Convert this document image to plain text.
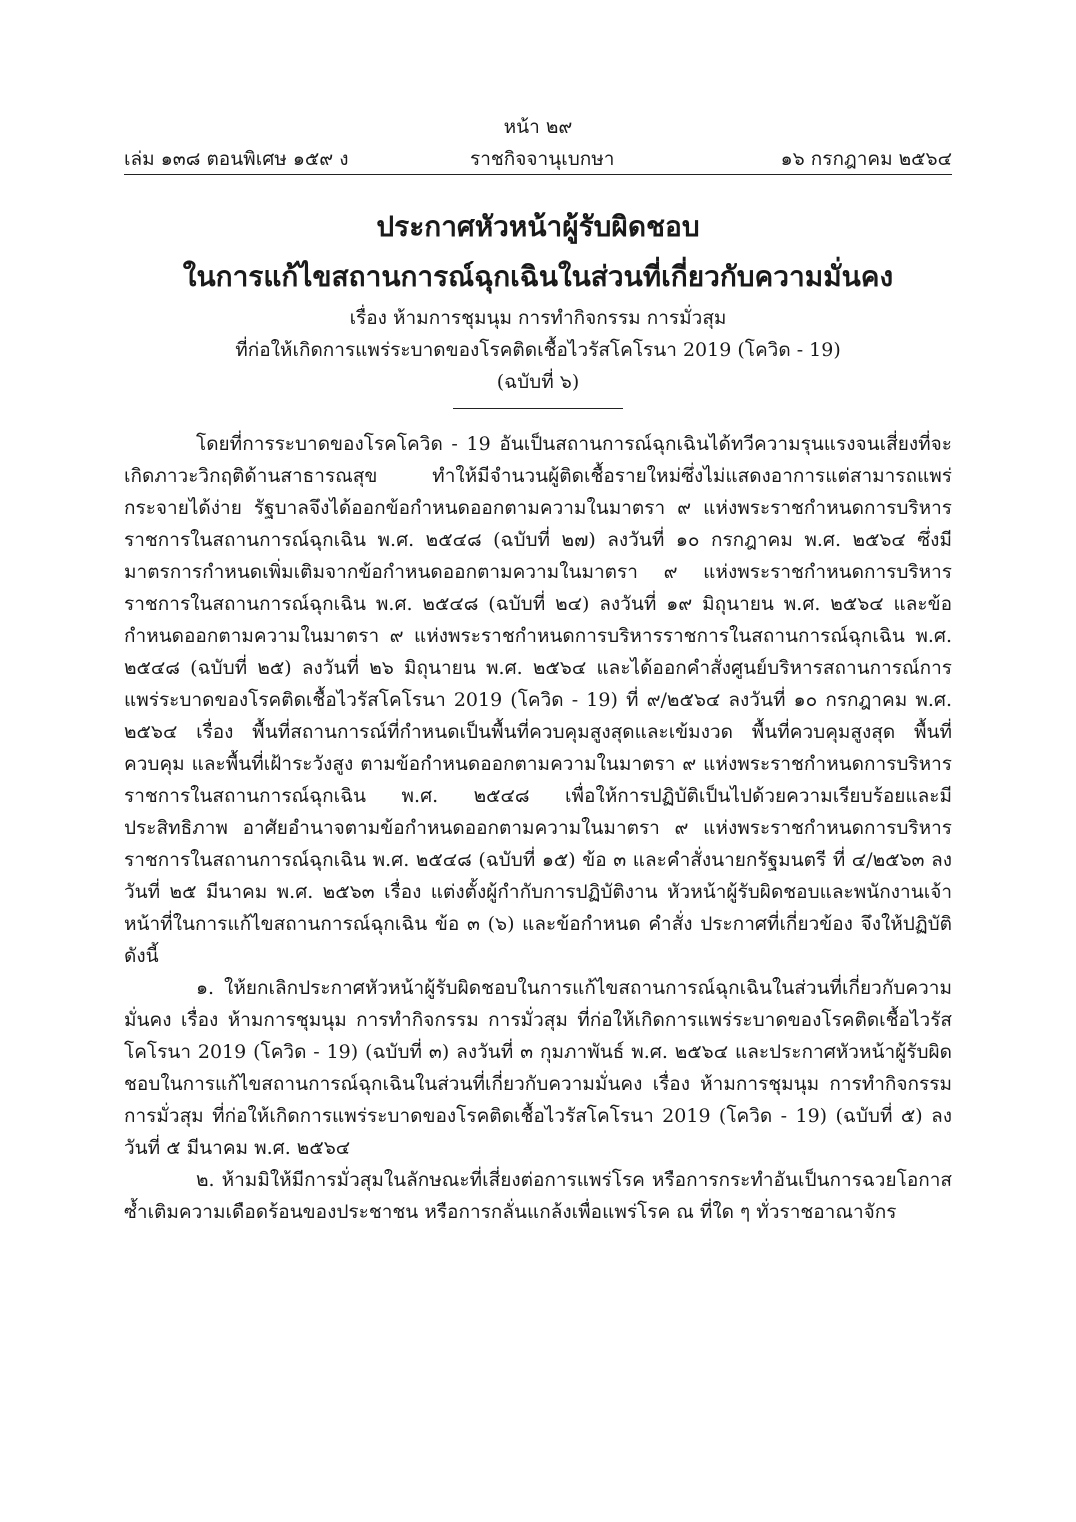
หน้า ๒๙
เล่ม ๑๓๘ ตอนพิเศษ ๑๕๙ ง	ราชกิจจานุเบกษา	๑๖ กรกฎาคม ๒๕๖๔
ประกาศหัวหน้าผู้รับผิดชอบ
ในการแก้ไขสถานการณ์ฉุกเฉินในส่วนที่เกี่ยวกับความมั่นคง
เรื่อง ห้ามการชุมนุม การทำกิจกรรม การมั่วสุม
ที่ก่อให้เกิดการแพร่ระบาดของโรคติดเชื้อไวรัสโคโรนา 2019 (โควิด - 19)
(ฉบับที่ ๖)

โดยที่การระบาดของโรคโควิด - 19 อันเป็นสถานการณ์ฉุกเฉินได้ทวีความรุนแรงจนเสี่ยงที่จะเกิดภาวะวิกฤติด้านสาธารณสุข ทำให้มีจำนวนผู้ติดเชื้อรายใหม่ซึ่งไม่แสดงอาการแต่สามารถแพร่กระจายได้ง่าย รัฐบาลจึงได้ออกข้อกำหนดออกตามความในมาตรา ๙ แห่งพระราชกำหนดการบริหารราชการในสถานการณ์ฉุกเฉิน พ.ศ. ๒๕๔๘ (ฉบับที่ ๒๗) ลงวันที่ ๑๐ กรกฎาคม พ.ศ. ๒๕๖๔ ซึ่งมีมาตรการกำหนดเพิ่มเติมจากข้อกำหนดออกตามความในมาตรา ๙ แห่งพระราชกำหนดการบริหารราชการในสถานการณ์ฉุกเฉิน พ.ศ. ๒๕๔๘ (ฉบับที่ ๒๔) ลงวันที่ ๑๙ มิถุนายน พ.ศ. ๒๕๖๔ และข้อกำหนดออกตามความในมาตรา ๙ แห่งพระราชกำหนดการบริหารราชการในสถานการณ์ฉุกเฉิน พ.ศ. ๒๕๔๘ (ฉบับที่ ๒๕) ลงวันที่ ๒๖ มิถุนายน พ.ศ. ๒๕๖๔ และได้ออกคำสั่งศูนย์บริหารสถานการณ์การแพร่ระบาดของโรคติดเชื้อไวรัสโคโรนา 2019 (โควิด - 19) ที่ ๙/๒๕๖๔ ลงวันที่ ๑๐ กรกฎาคม พ.ศ. ๒๕๖๔ เรื่อง พื้นที่สถานการณ์ที่กำหนดเป็นพื้นที่ควบคุมสูงสุดและเข้มงวด พื้นที่ควบคุมสูงสุด พื้นที่ควบคุม และพื้นที่เฝ้าระวังสูง ตามข้อกำหนดออกตามความในมาตรา ๙ แห่งพระราชกำหนดการบริหารราชการในสถานการณ์ฉุกเฉิน พ.ศ. ๒๕๔๘ เพื่อให้การปฏิบัติเป็นไปด้วยความเรียบร้อยและมีประสิทธิภาพ อาศัยอำนาจตามข้อกำหนดออกตามความในมาตรา ๙ แห่งพระราชกำหนดการบริหารราชการในสถานการณ์ฉุกเฉิน พ.ศ. ๒๕๔๘ (ฉบับที่ ๑๕) ข้อ ๓ และคำสั่งนายกรัฐมนตรี ที่ ๔/๒๕๖๓ ลงวันที่ ๒๕ มีนาคม พ.ศ. ๒๕๖๓ เรื่อง แต่งตั้งผู้กำกับการปฏิบัติงาน หัวหน้าผู้รับผิดชอบและพนักงานเจ้าหน้าที่ในการแก้ไขสถานการณ์ฉุกเฉิน ข้อ ๓ (๖) และข้อกำหนด คำสั่ง ประกาศที่เกี่ยวข้อง จึงให้ปฏิบัติดังนี้

๑. ให้ยกเลิกประกาศหัวหน้าผู้รับผิดชอบในการแก้ไขสถานการณ์ฉุกเฉินในส่วนที่เกี่ยวกับความมั่นคง เรื่อง ห้ามการชุมนุม การทำกิจกรรม การมั่วสุม ที่ก่อให้เกิดการแพร่ระบาดของโรคติดเชื้อไวรัสโคโรนา 2019 (โควิด - 19) (ฉบับที่ ๓) ลงวันที่ ๓ กุมภาพันธ์ พ.ศ. ๒๕๖๔ และประกาศหัวหน้าผู้รับผิดชอบในการแก้ไขสถานการณ์ฉุกเฉินในส่วนที่เกี่ยวกับความมั่นคง เรื่อง ห้ามการชุมนุม การทำกิจกรรม การมั่วสุม ที่ก่อให้เกิดการแพร่ระบาดของโรคติดเชื้อไวรัสโคโรนา 2019 (โควิด - 19) (ฉบับที่ ๕) ลงวันที่ ๕ มีนาคม พ.ศ. ๒๕๖๔

๒. ห้ามมิให้มีการมั่วสุมในลักษณะที่เสี่ยงต่อการแพร่โรค หรือการกระทำอันเป็นการฉวยโอกาสซ้ำเติมความเดือดร้อนของประชาชน หรือการกลั่นแกล้งเพื่อแพร่โรค ณ ที่ใด ๆ ทั่วราชอาณาจักร
